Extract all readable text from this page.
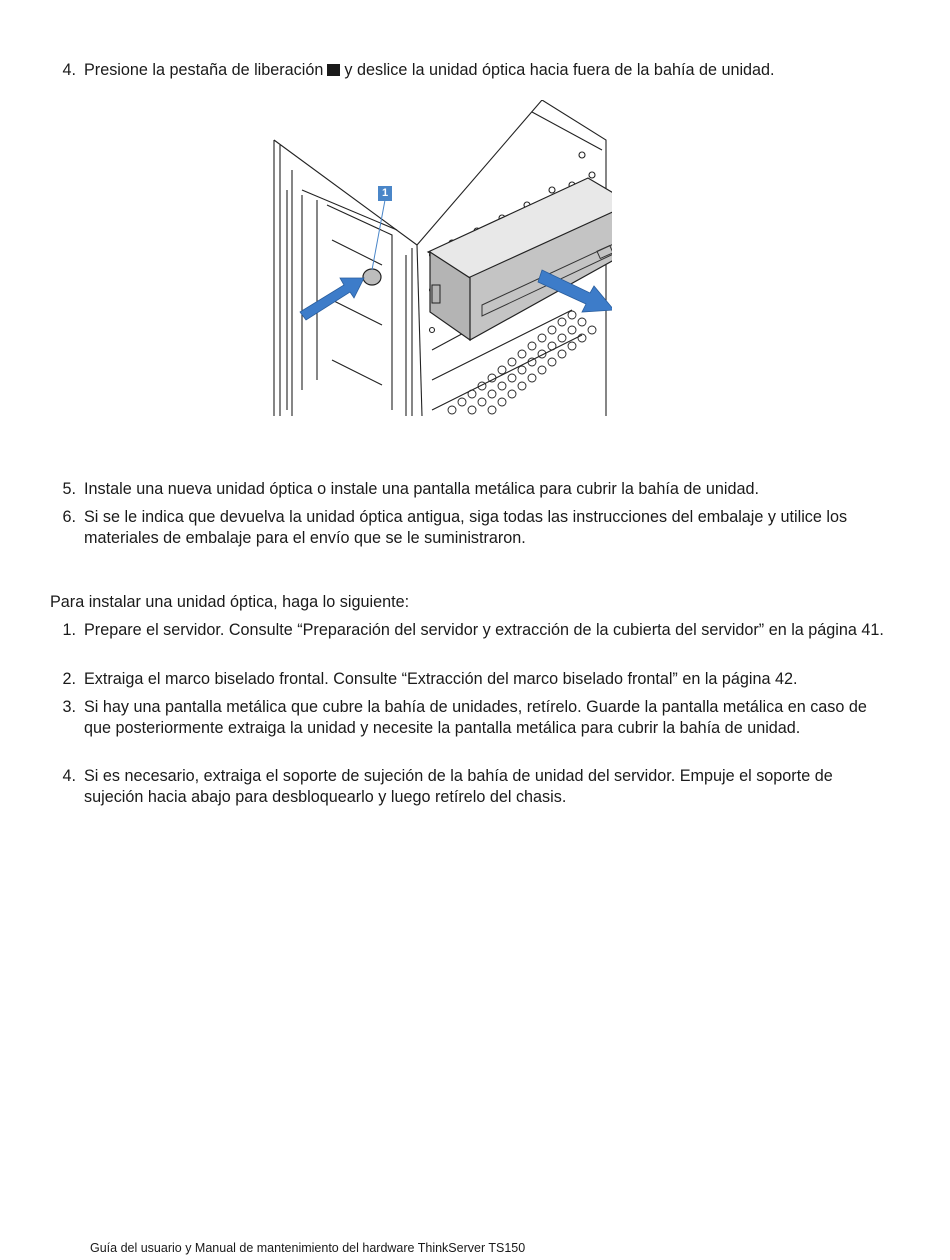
4. Presione la pestaña de liberación y deslice la unidad óptica hacia fuera de la bahía de unidad.
1
5. Instale una nueva unidad óptica o instale una pantalla metálica para cubrir la bahía de unidad.
6. Si se le indica que devuelva la unidad óptica antigua, siga todas las instrucciones del embalaje y utilice los materiales de embalaje para el envío que se le suministraron.
Para instalar una unidad óptica, haga lo siguiente:
1. Prepare el servidor. Consulte “Preparación del servidor y extracción de la cubierta del servidor” en la página 41.
2. Extraiga el marco biselado frontal. Consulte “Extracción del marco biselado frontal” en la página 42.
3. Si hay una pantalla metálica que cubre la bahía de unidades, retírelo. Guarde la pantalla metálica en caso de que posteriormente extraiga la unidad y necesite la pantalla metálica para cubrir la bahía de unidad.
4. Si es necesario, extraiga el soporte de sujeción de la bahía de unidad del servidor. Empuje el soporte de sujeción hacia abajo para desbloquearlo y luego retírelo del chasis.
Guía del usuario y Manual de mantenimiento del hardware ThinkServer TS150
